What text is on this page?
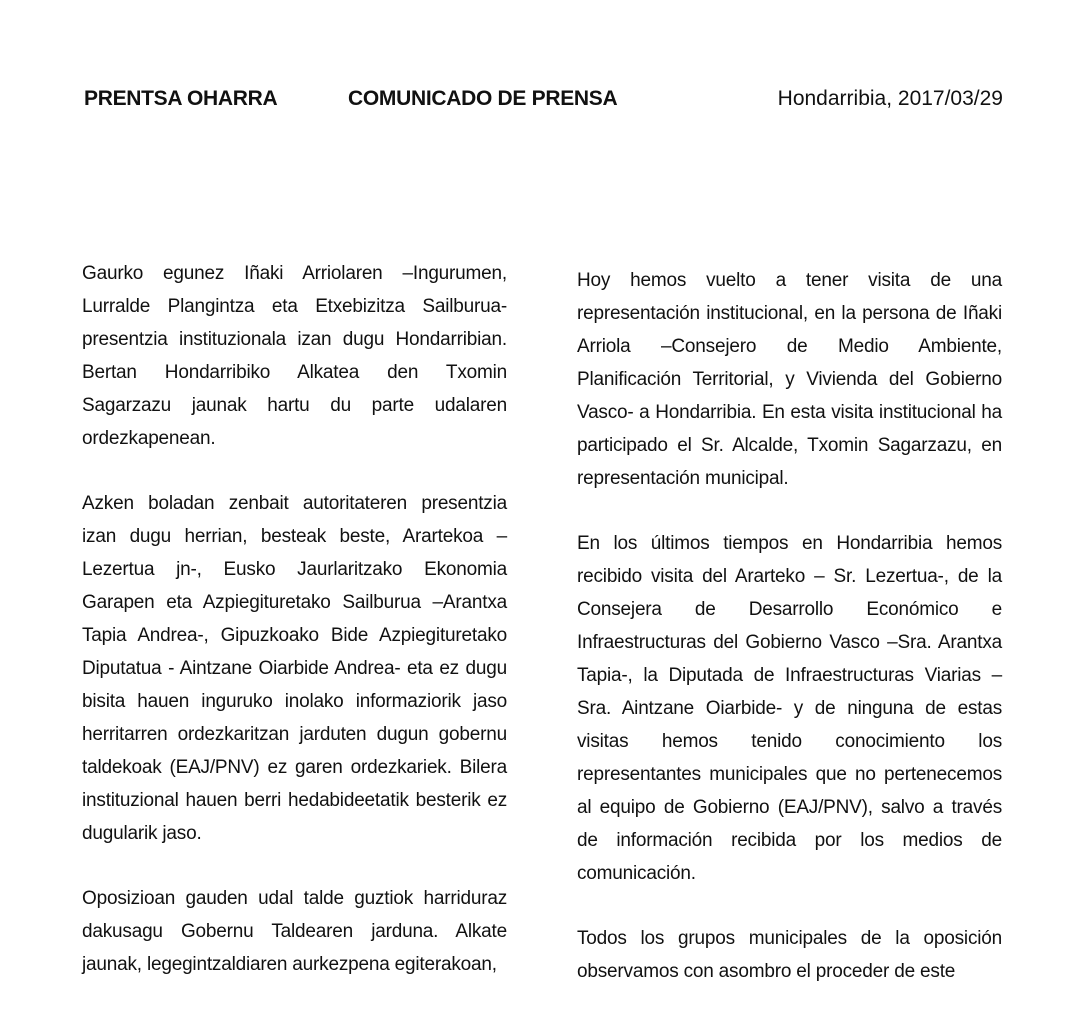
PRENTSA OHARRA	COMUNICADO DE PRENSA	Hondarribia, 2017/03/29

Gaurko egunez Iñaki Arriolaren –Ingurumen, Lurralde Plangintza eta Etxebizitza Sailburua- presentzia instituzionala izan dugu Hondarribian. Bertan Hondarribiko Alkatea den Txomin Sagarzazu jaunak hartu du parte udalaren ordezkapenean.

Azken boladan zenbait autoritateren presentzia izan dugu herrian, besteak beste, Arartekoa –Lezertua jn-, Eusko Jaurlaritzako Ekonomia Garapen eta Azpiegituretako Sailburua –Arantxa Tapia Andrea-, Gipuzkoako Bide Azpiegituretako Diputatua - Aintzane Oiarbide Andrea- eta ez dugu bisita hauen inguruko inolako informaziorik jaso herritarren ordezkaritzan jarduten dugun gobernu taldekoak (EAJ/PNV) ez garen ordezkariek. Bilera instituzional hauen berri hedabideetatik besterik ez dugularik jaso.

Oposizioan gauden udal talde guztiok harriduraz dakusagu Gobernu Taldearen jarduna. Alkate jaunak, legegintzaldiaren aurkezpena egiterakoan,

Hoy hemos vuelto a tener visita de una representación institucional, en la persona de Iñaki Arriola –Consejero de Medio Ambiente, Planificación Territorial, y Vivienda del Gobierno Vasco- a Hondarribia. En esta visita institucional ha participado el Sr. Alcalde, Txomin Sagarzazu, en representación municipal.

En los últimos tiempos en Hondarribia hemos recibido visita del Ararteko – Sr. Lezertua-, de la Consejera de Desarrollo Económico e Infraestructuras del Gobierno Vasco –Sra. Arantxa Tapia-, la Diputada de Infraestructuras Viarias –Sra. Aintzane Oiarbide- y de ninguna de estas visitas hemos tenido conocimiento los representantes municipales que no pertenecemos al equipo de Gobierno (EAJ/PNV), salvo a través de información recibida por los medios de comunicación.

Todos los grupos municipales de la oposición observamos con asombro el proceder de este
